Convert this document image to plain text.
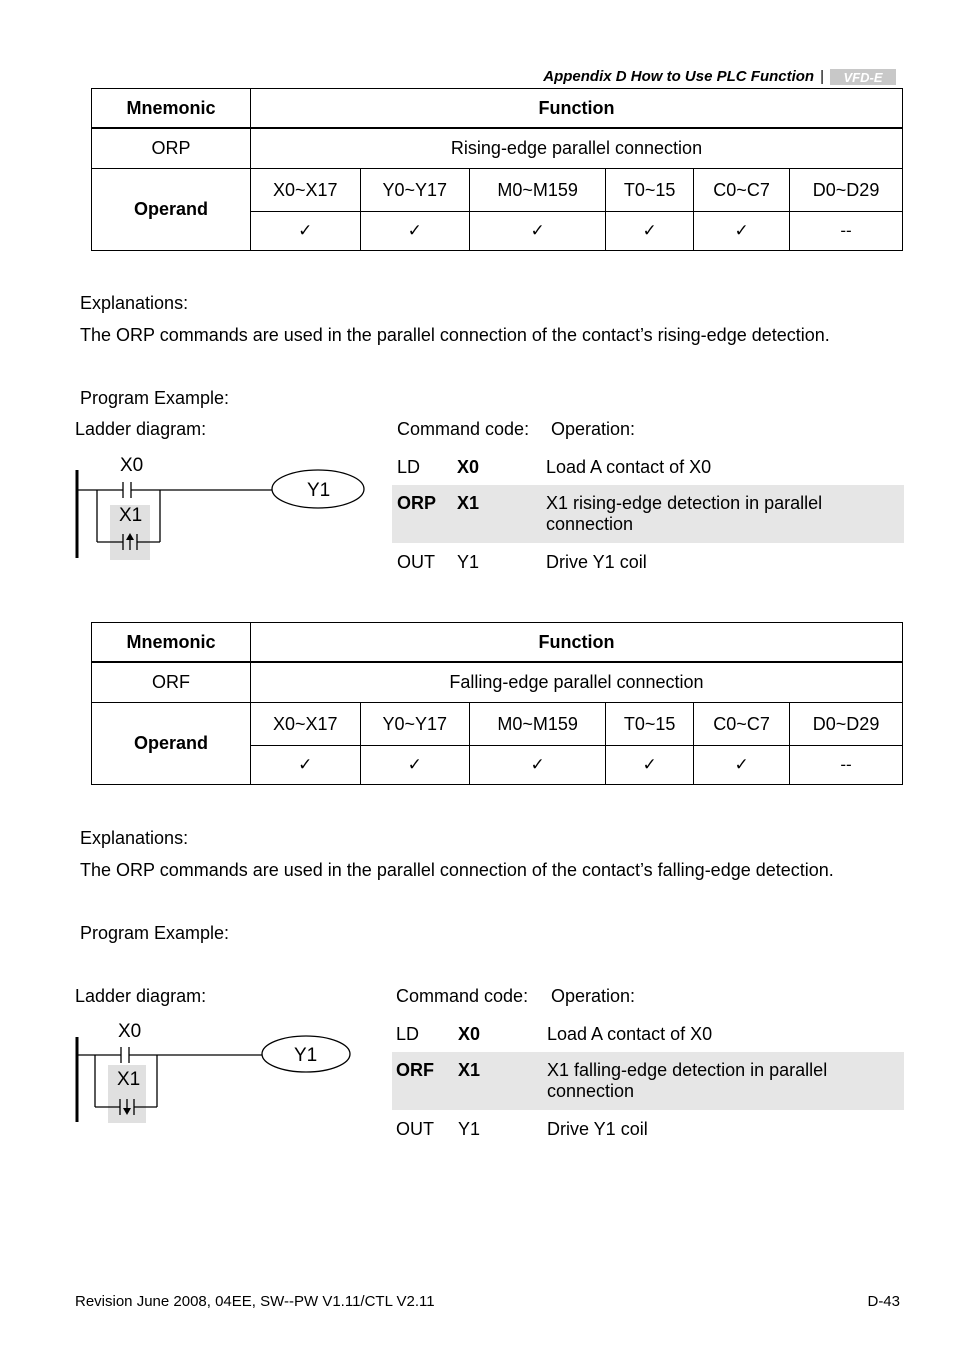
Appendix D How to Use PLC Function | VFD-E
Mnemonic	Function					
ORP	Rising-edge parallel connection					
Operand	X0~X17	Y0~Y17	M0~M159	T0~15	C0~C7	D0~D29
	✓	✓	✓	✓	✓	--
Explanations:
The ORP commands are used in the parallel connection of the contact’s rising-edge detection.
Program Example:
Ladder diagram:
X0
X1
Y1
Command code:	Operation:
LD	X0	Load A contact of X0
ORP	X1	X1 rising-edge detection in parallel connection
OUT	Y1	Drive Y1 coil
Mnemonic	Function					
ORF	Falling-edge parallel connection					
Operand	X0~X17	Y0~Y17	M0~M159	T0~15	C0~C7	D0~D29
	✓	✓	✓	✓	✓	--
Explanations:
The ORP commands are used in the parallel connection of the contact’s falling-edge detection.
Program Example:
Ladder diagram:
X0
X1
Y1
Command code:	Operation:
LD	X0	Load A contact of X0
ORF	X1	X1 falling-edge detection in parallel connection
OUT	Y1	Drive Y1 coil
Revision June 2008, 04EE, SW--PW V1.11/CTL V2.11	D-43
